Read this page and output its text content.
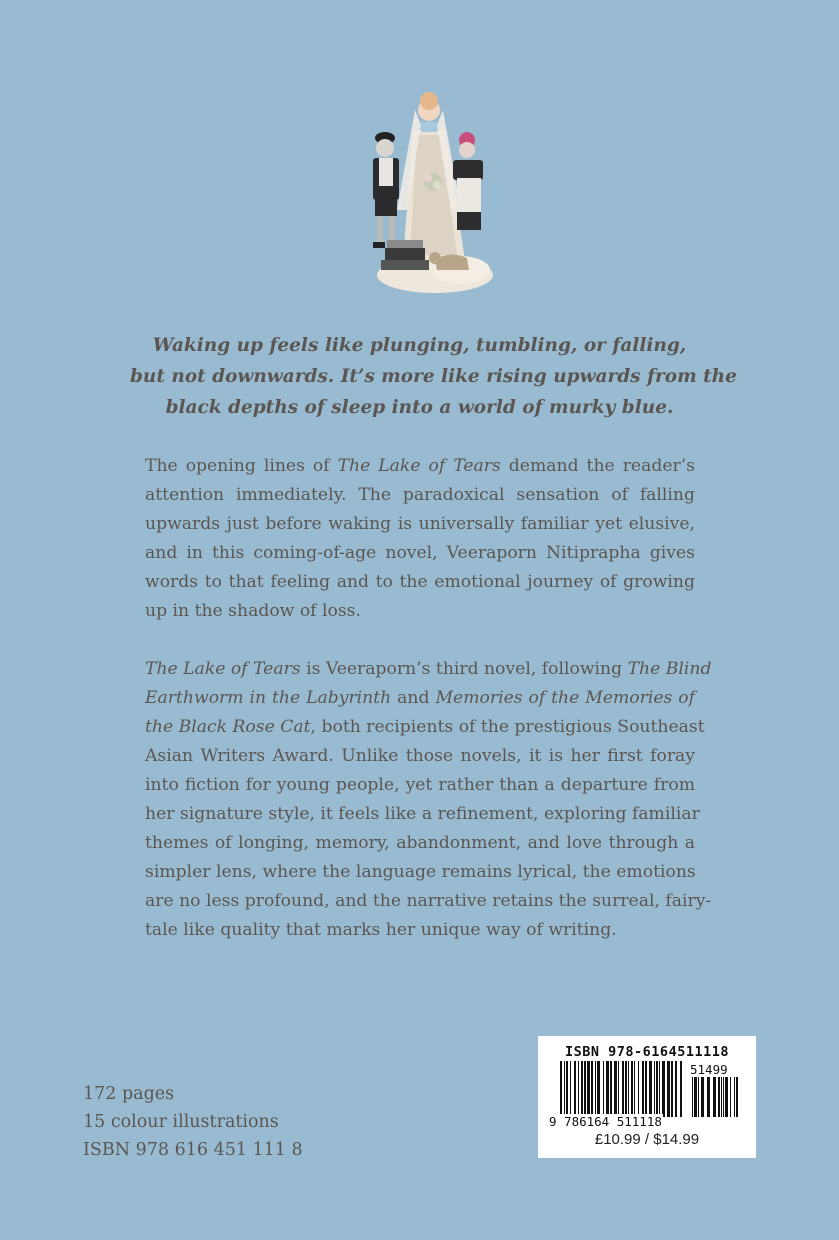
Waking up feels like plunging, tumbling, or falling,
but not downwards. It’s more like rising upwards from the
black depths of sleep into a world of murky blue.
The opening lines of The Lake of Tears demand the reader’s
attention immediately. The paradoxical sensation of falling
upwards just before waking is universally familiar yet elusive,
and in this coming-of-age novel, Veeraporn Nitiprapha gives
words to that feeling and to the emotional journey of growing
up in the shadow of loss.
The Lake of Tears is Veeraporn’s third novel, following The Blind
Earthworm in the Labyrinth and Memories of the Memories of
the Black Rose Cat, both recipients of the prestigious Southeast
Asian Writers Award. Unlike those novels, it is her first foray
into fiction for young people, yet rather than a departure from
her signature style, it feels like a refinement, exploring familiar
themes of longing, memory, abandonment, and love through a
simpler lens, where the language remains lyrical, the emotions
are no less profound, and the narrative retains the surreal, fairy-
tale like quality that marks her unique way of writing.
172 pages
15 colour illustrations
ISBN 978 616 451 111 8
ISBN 978-6164511118
51499
9 786164 511118
£10.99 / $14.99
